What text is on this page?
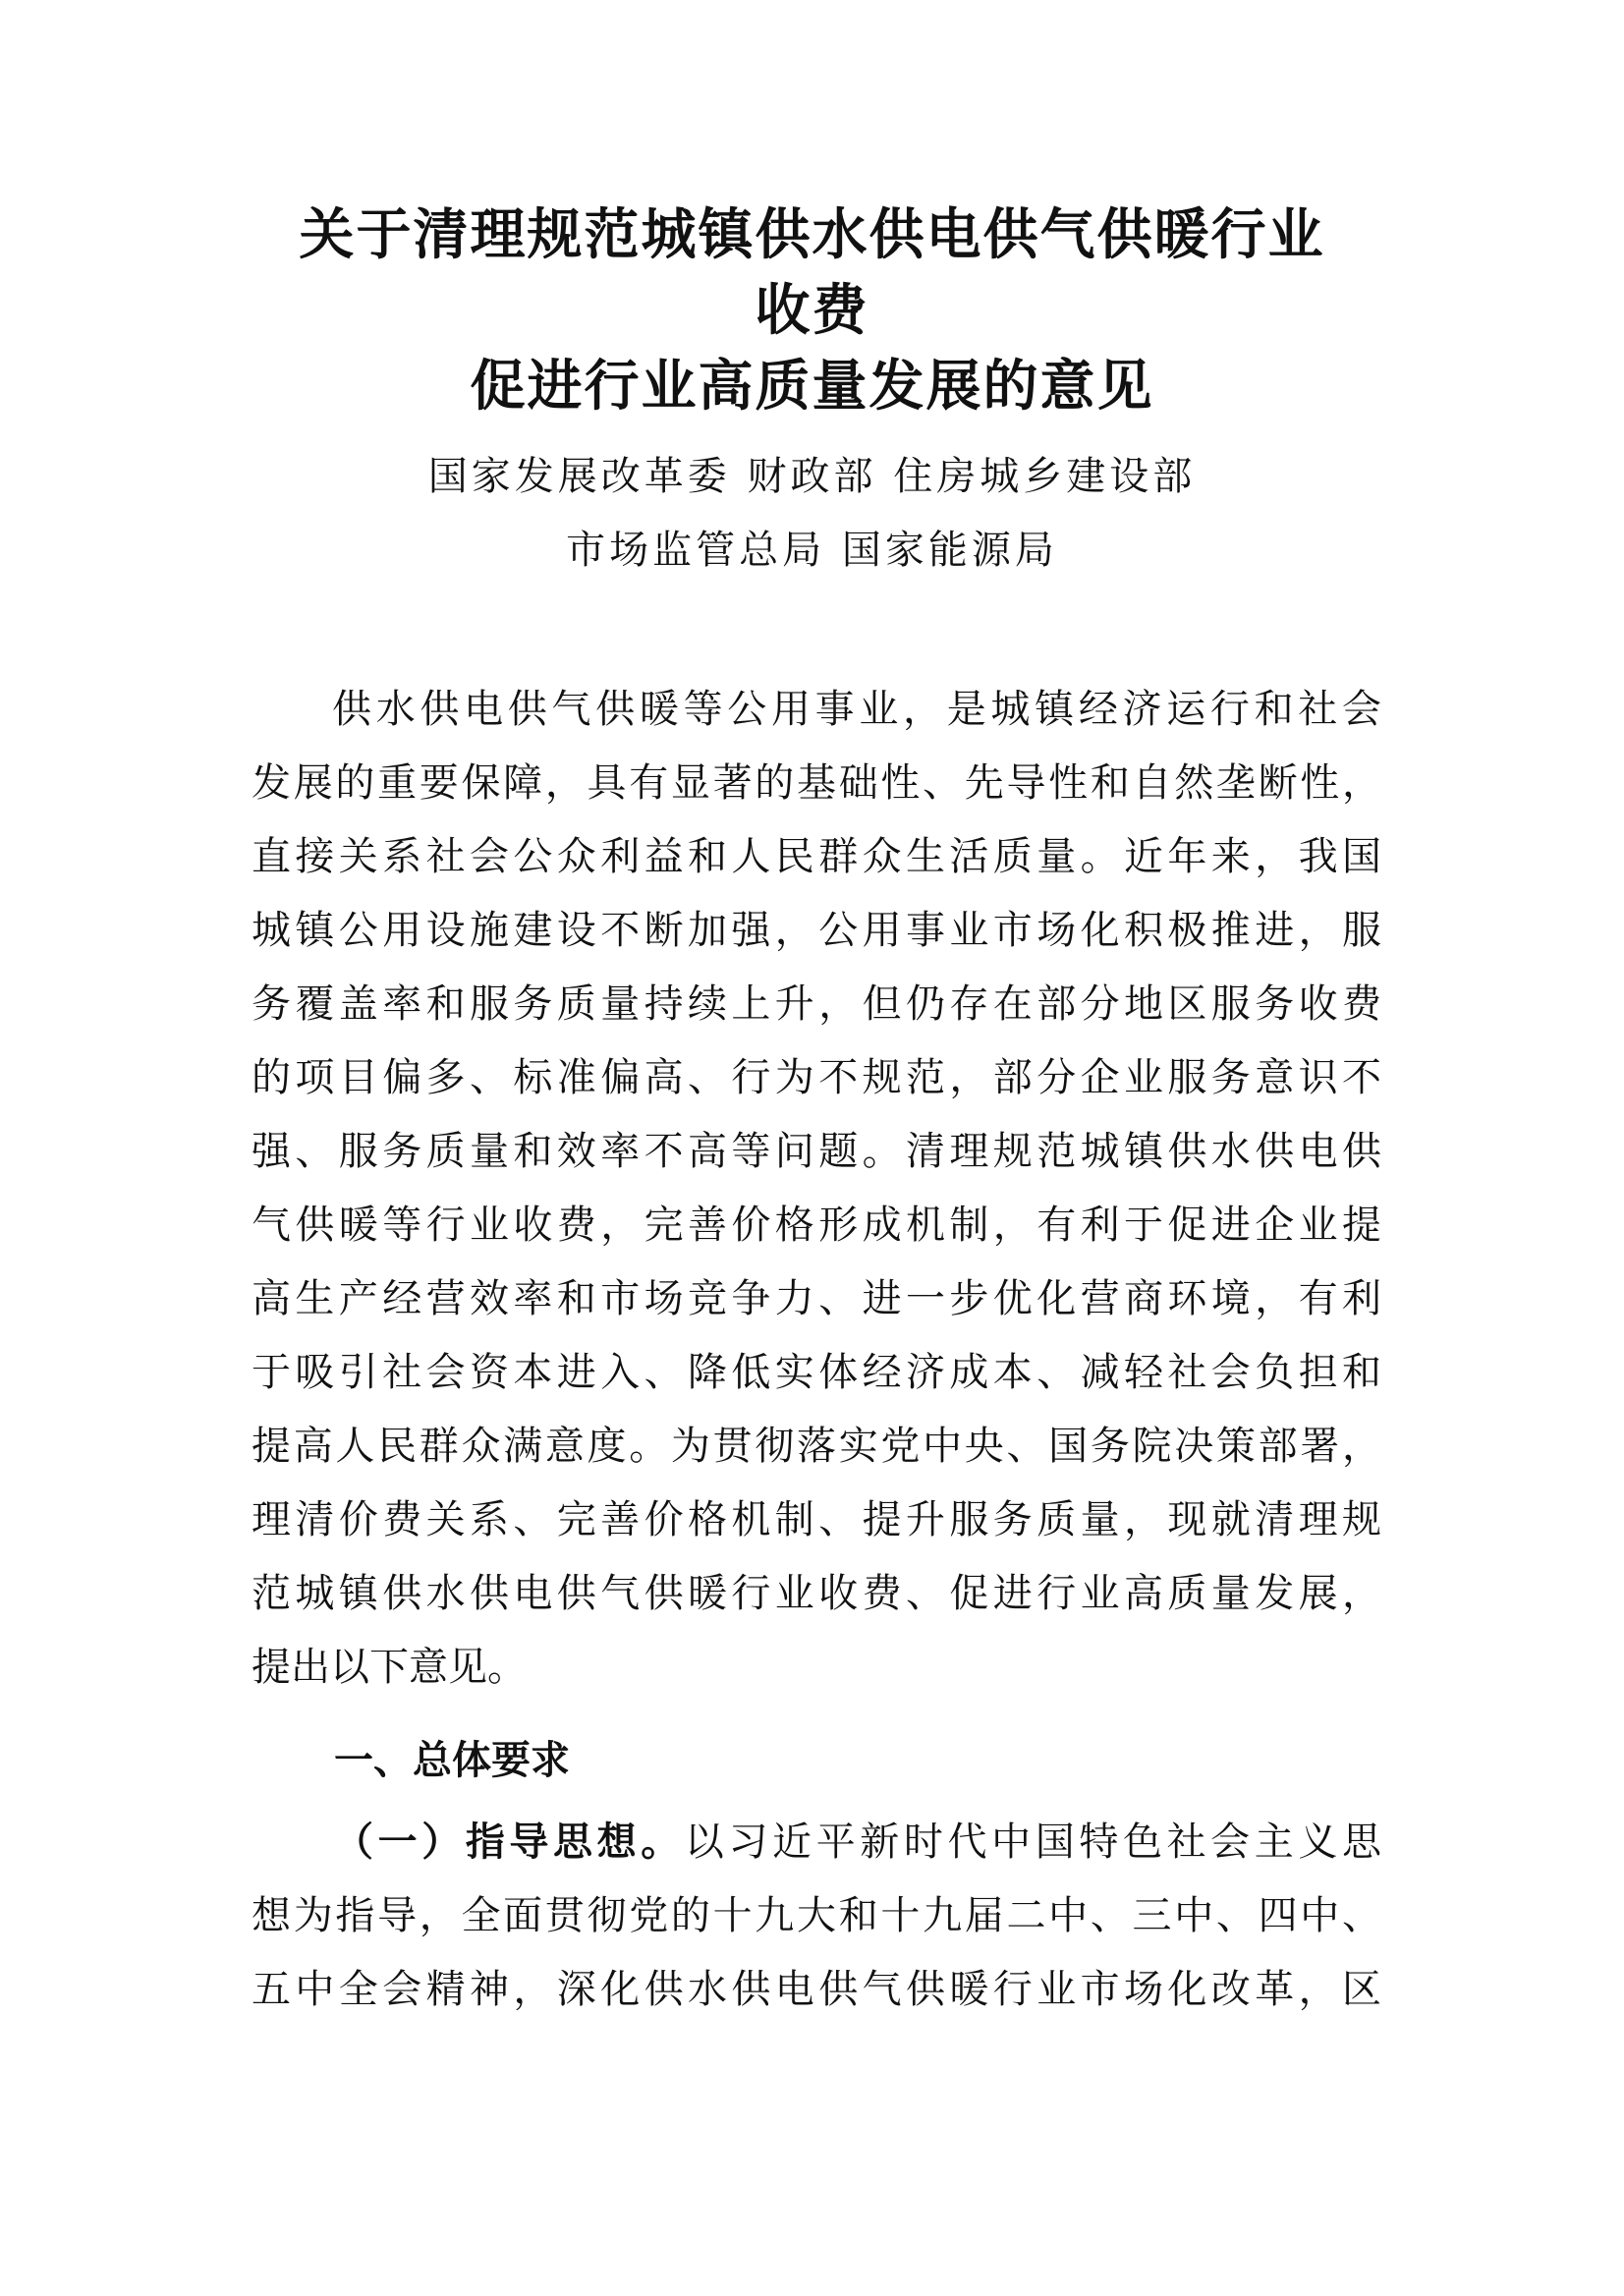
关于清理规范城镇供水供电供气供暖行业
收费
促进行业高质量发展的意见
国家发展改革委 财政部 住房城乡建设部
市场监管总局 国家能源局
供水供电供气供暖等公用事业，是城镇经济运行和社会
发展的重要保障，具有显著的基础性、先导性和自然垄断性，
直接关系社会公众利益和人民群众生活质量。近年来，我国
城镇公用设施建设不断加强，公用事业市场化积极推进，服
务覆盖率和服务质量持续上升，但仍存在部分地区服务收费
的项目偏多、标准偏高、行为不规范，部分企业服务意识不
强、服务质量和效率不高等问题。清理规范城镇供水供电供
气供暖等行业收费，完善价格形成机制，有利于促进企业提
高生产经营效率和市场竞争力、进一步优化营商环境，有利
于吸引社会资本进入、降低实体经济成本、减轻社会负担和
提高人民群众满意度。为贯彻落实党中央、国务院决策部署，
理清价费关系、完善价格机制、提升服务质量，现就清理规
范城镇供水供电供气供暖行业收费、促进行业高质量发展，
提出以下意见。
一、总体要求
（一）指导思想。以习近平新时代中国特色社会主义思
想为指导，全面贯彻党的十九大和十九届二中、三中、四中、
五中全会精神，深化供水供电供气供暖行业市场化改革，区
